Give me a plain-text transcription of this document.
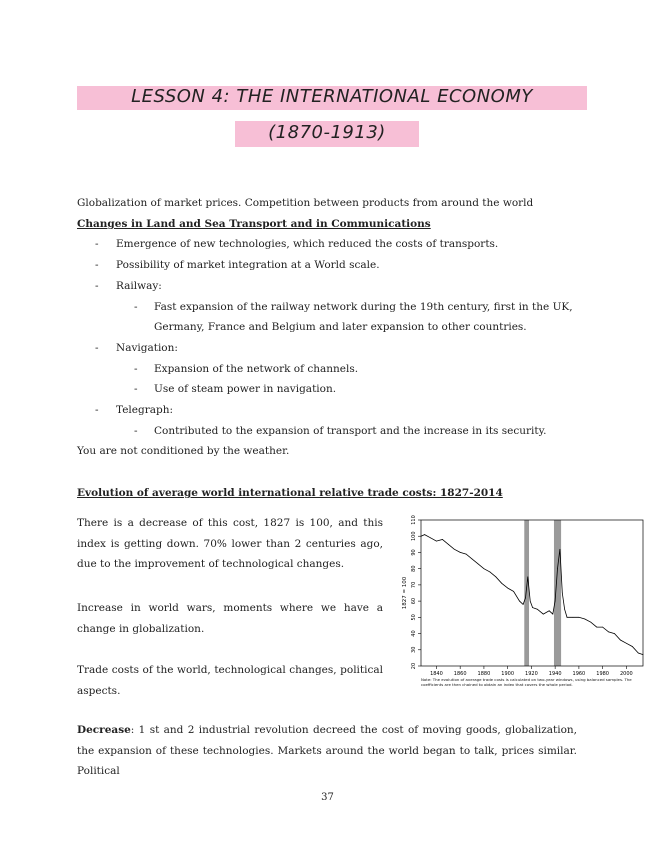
LESSON 4: THE INTERNATIONAL ECONOMY
(1870-1913)
Globalization of market prices. Competition between products from around the world
Changes in Land and Sea Transport and in Communications
- Emergence of new technologies, which reduced the costs of transports.
- Possibility of market integration at a World scale.
- Railway:
- Fast expansion of the railway network during the 19th century, first in the UK,
Germany, France and Belgium and later expansion to other countries.
- Navigation:
- Expansion of the network of channels.
- Use of steam power in navigation.
- Telegraph:
- Contributed to the expansion of transport and the increase in its security.
You are not conditioned by the weather.
Evolution of average world international relative trade costs: 1827-2014
There is a decrease of this cost, 1827 is 100, and this index is getting down. 70% lower than 2 centuries ago, due to the improvement of technological changes.
Increase in world wars, moments where we have a change in globalization.
Trade costs of the world, technological changes, political aspects.
20
30
40
50
60
70
80
90
100
110
1840 1860 1880 1900 1920 1940 1960 1980 2000
1827 = 100
Note: The evolution of average trade costs is calculated on two-year windows, using balanced samples. The coefficients are then chained to obtain an index that covers the whole period.
Decrease: 1 st and 2 industrial revolution decreed the cost of moving goods, globalization, the expansion of these technologies. Markets around the world began to talk, prices similar. Political
37
